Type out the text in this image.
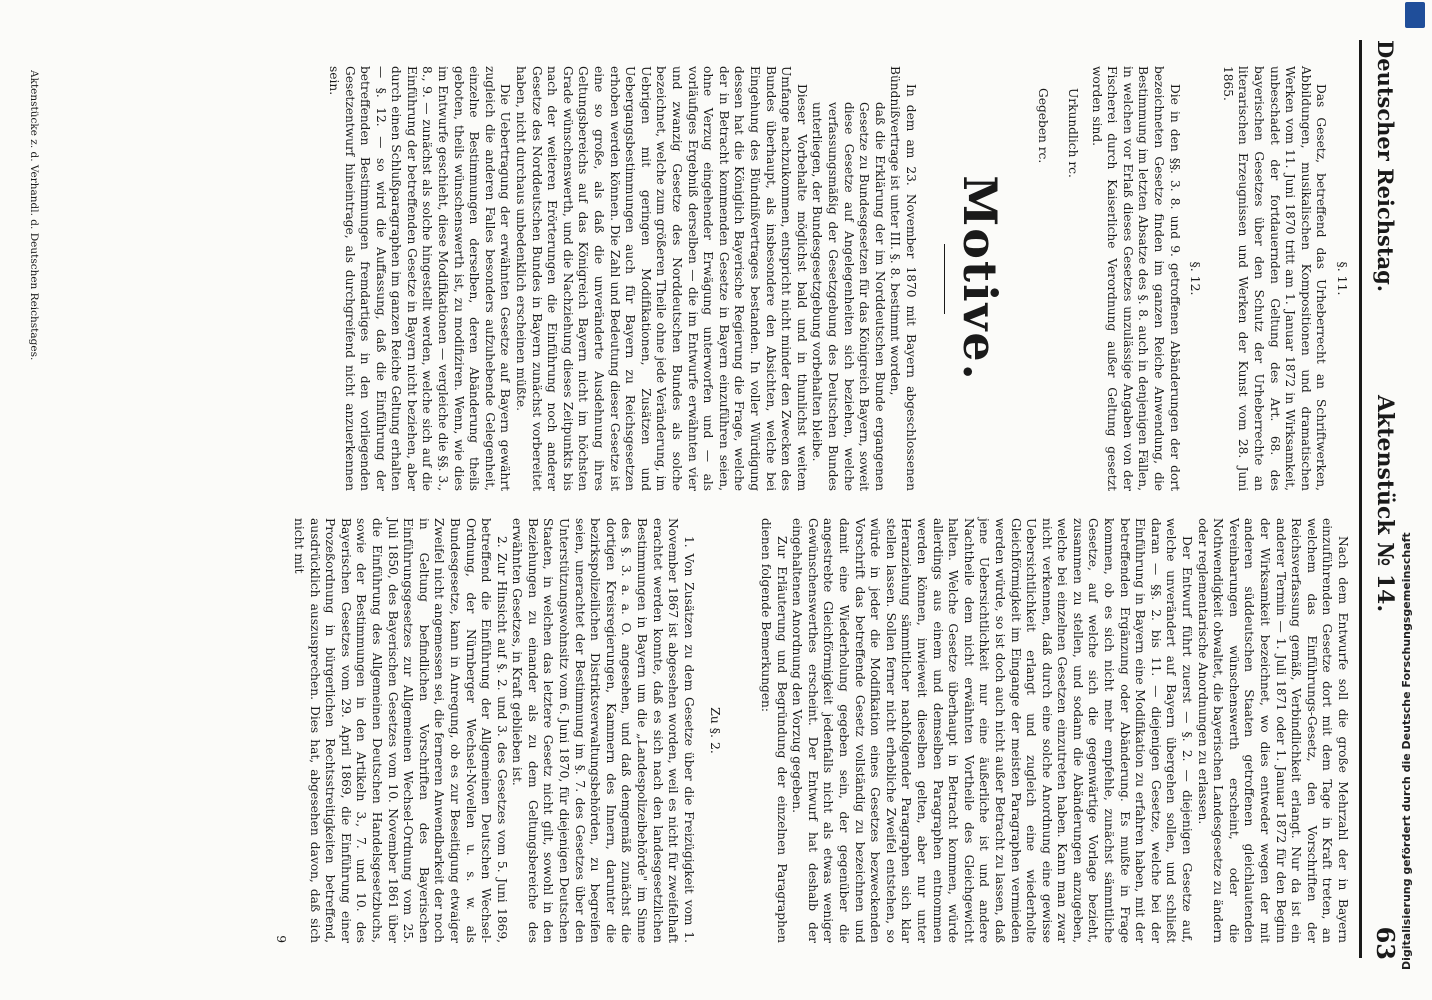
Deutscher Reichstag.
Aktenstück № 14.
63
§. 11.

Das Gesetz, betreffend das Urheberrecht an Schriftwerken, Abbildungen, musikalischen Kompositionen und dramatischen Werken vom 11. Juni 1870 tritt am 1. Januar 1872 in Wirksamkeit, unbeschadet der fortdauernden Geltung des Art. 68. des bayerischen Gesetzes über den Schutz der Urheberrechte an literarischen Erzeugnissen und Werken der Kunst vom 28. Juni 1865.

§. 12.

Die in den §§. 3. 8. und 9. getroffenen Abänderungen der dort bezeichneten Gesetze finden im ganzen Reiche Anwendung, die Bestimmung im letzten Absatze des §. 8. auch in denjenigen Fällen, in welchen vor Erlaß dieses Gesetzes unzulässige Angaben von der Fischerei durch Kaiserliche Verordnung außer Geltung gesetzt worden sind.

Urkundlich rc.
Gegeben rc.
Motive.

In dem am 23. November 1870 mit Bayern abgeschlossenen Bündnißvertrage ist unter III. §. 8. bestimmt worden,

daß die Erklärung der im Norddeutschen Bunde ergangenen Gesetze zu Bundesgesetzen für das Königreich Bayern, soweit diese Gesetze auf Angelegenheiten sich beziehen, welche verfassungsmäßig der Gesetzgebung des Deutschen Bundes unterliegen, der Bundesgesetzgebung vorbehalten bleibe.

Dieser Vorbehalte möglichst bald und in thunlichst weitem Umfange nachzukommen, entspricht nicht minder den Zwecken des Bundes überhaupt, als insbesondere den Absichten, welche bei Eingehung des Bündnißvertrages bestanden. In voller Würdigung dessen hat die Königlich Bayerische Regierung die Frage, welche der in Betracht kommenden Gesetze in Bayern einzuführen seien, ohne Verzug eingehender Erwägung unterworfen und — als vorläufiges Ergebniß derselben — die im Entwurfe erwähnten vier und zwanzig Gesetze des Norddeutschen Bundes als solche bezeichnet, welche zum größeren Theile ohne jede Veränderung, im Uebrigen mit geringen Modifikationen, Zusätzen und Uebergangsbestimmungen auch für Bayern zu Reichsgesetzen erhoben werden können. Die Zahl und Bedeutung dieser Gesetze ist eine so große, als daß die unveränderte Ausdehnung ihres Geltungsbereichs auf das Königreich Bayern nicht im höchsten Grade wünschenswerth, und die Nachziehung dieses Zeitpunkts bis nach der weiteren Erörterungen die Einführung noch anderer Gesetze des Norddeutschen Bundes in Bayern zunächst vorbereitet haben, nicht durchaus unbedenklich erscheinen müßte.

Die Uebertragung der erwähnten Gesetze auf Bayern gewährt zugleich die anderen Falles besonders aufzuhebende Gelegenheit, einzelne Bestimmungen derselben, deren Abänderung theils geboten, theils wünschenswerth ist, zu modifiziren. Wenn, wie dies im Entwurfe geschieht, diese Modifikationen — vergleiche die §§. 3., 8., 9. — zunächst als solche hingestellt werden, welche sich auf die Einführung der betreffenden Gesetze in Bayern nicht beziehen, aber durch einen Schlußparagraphen im ganzen Reiche Geltung erhalten — §. 12. — so wird die Auffassung, daß die Einführung der betreffenden Bestimmungen fremdartiges in den vorliegenden Gesetzentwurf hineintrage, als durchgreifend nicht anzuerkennen sein.

Nach dem Entwurfe soll die große Mehrzahl der in Bayern einzuführenden Gesetze dort mit dem Tage in Kraft treten, an welchem das Einführungs-Gesetz, den Vorschriften der Reichsverfassung gemäß, Verbindlichkeit erlangt. Nur da ist ein anderer Termin — 1. Juli 1871 oder 1. Januar 1872 für den Beginn der Wirksamkeit bezeichnet, wo dies entweder wegen der mit anderen süddeutschen Staaten getroffenen gleichlautenden Vereinbarungen wünschenswerth erscheint, oder die Nothwendigkeit obwaltet, die bayerischen Landesgesetze zu ändern oder reglementarische Anordnungen zu erlassen.

Der Entwurf führt zuerst — §. 2. — diejenigen Gesetze auf, welche unverändert auf Bayern übergehen sollen, und schließt daran — §§. 2. bis 11. — diejenigen Gesetze, welche bei der Einführung in Bayern eine Modifikation zu erfahren haben, mit der betreffenden Ergänzung oder Abänderung. Es mußte in Frage kommen, ob es sich nicht mehr empfehle, zunächst sämmtliche Gesetze, auf welche sich die gegenwärtige Vorlage bezieht, zusammen zu stellen, und sodann die Abänderungen anzugeben, welche bei einzelnen Gesetzen einzutreten haben. Kann man zwar nicht verkennen, daß durch eine solche Anordnung eine gewisse Uebersichtlichkeit erlangt und zugleich eine wiederholte Gleichförmigkeit im Eingange der meisten Paragraphen vermieden werden würde, so ist doch auch nicht außer Betracht zu lassen, daß jene Uebersichtlichkeit nur eine äußerliche ist und andere Nachtheile dem nicht erwähnten Vortheile des Gleichgewicht halten. Welche Gesetze überhaupt in Betracht kommen, würde allerdings aus einem und demselben Paragraphen entnommen werden können, inwieweit dieselben gelten, aber nur unter Heranziehung sämmtlicher nachfolgender Paragraphen sich klar stellen lassen. Sollen ferner nicht erhebliche Zweifel entstehen, so würde in jeder die Modifikation eines Gesetzes bezweckenden Vorschrift das betreffende Gesetz vollständig zu bezeichnen und damit eine Wiederholung gegeben sein, der gegenüber die angestrebte Gleichförmigkeit jedenfalls nicht als etwas weniger Gewünschenswerthes erscheint. Der Entwurf hat deshalb der eingehaltenen Anordnung den Vorzug gegeben.

Zur Erläuterung und Begründung der einzelnen Paragraphen dienen folgende Bemerkungen:

Zu §. 2.

1. Von Zusätzen zu dem Gesetze über die Freizügigkeit vom 1. November 1867 ist abgesehen worden, weil es nicht für zweifelhaft erachtet werden konnte, daß es sich nach den landesgesetzlichen Bestimmungen in Bayern um die „Landespolizeibehörde" im Sinne des §. 3. a. a. O. angesehen, und daß demgemäß zunächst die dortigen Kreisregierungen, Kammern des Innern, darunter die bezirkspolizeilichen Distriktsverwaltungsbehörden, zu begreifen seien, unerachtet der Bestimmung im §. 7. des Gesetzes über den Unterstützungswohnsitz vom 6. Juni 1870, für diejenigen Deutschen Staaten, in welchen das letztere Gesetz nicht gilt, sowohl in den Beziehungen zu einander als zu dem Geltungsbereiche des erwähnten Gesetzes, in Kraft geblieben ist.

2. Zur Hinsicht auf §. 2. und 3. des Gesetzes vom 5. Juni 1869, betreffend die Einführung der Allgemeinen Deutschen Wechsel-Ordnung, der Nürnberger Wechsel-Novellen u. s. w. als Bundesgesetze, kann in Anregung, ob es zur Beseitigung etwaiger Zweifel nicht angemessen sei, die ferneren Anwendbarkeit der noch in Geltung befindlichen Vorschriften des Bayerischen Einführungsgesetzes zur Allgemeinen Wechsel-Ordnung vom 25. Juli 1850, des Bayerischen Gesetzes vom 10. November 1861 über die Einführung des Allgemeinen Deutschen Handelsgesetzbuchs, sowie der Bestimmungen in den Artikeln 3., 7. und 10. des Bayerischen Gesetzes vom 29. April 1869, die Einführung einer Prozeßordnung in bürgerlichen Rechtsstreitigkeiten betreffend, ausdrücklich auszusprechen. Dies hat, abgesehen davon, daß sich nicht mit

9
Aktenstücke z. d. Verhandl. d. Deutschen Reichstages.
Digitalisierung gefördert durch die Deutsche Forschungsgemeinschaft
